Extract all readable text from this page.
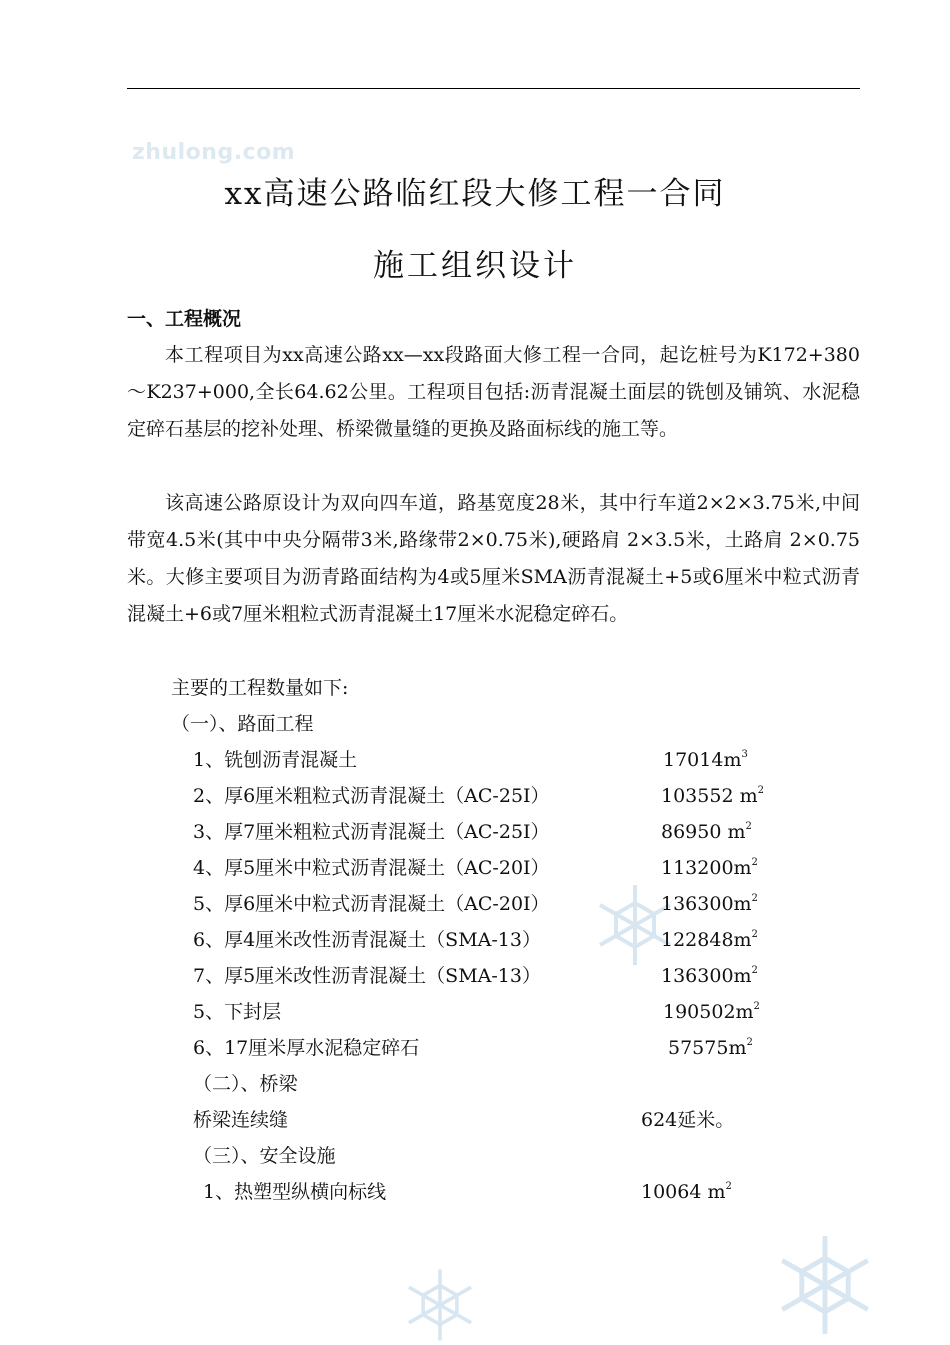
zhulong.com
xx高速公路临红段大修工程一合同
施工组织设计
一、工程概况
本工程项目为xx高速公路xx—xx段路面大修工程一合同，起讫桩号为K172+380～K237+000,全长64.62公里。工程项目包括:沥青混凝土面层的铣刨及铺筑、水泥稳定碎石基层的挖补处理、桥梁微量缝的更换及路面标线的施工等。
该高速公路原设计为双向四车道，路基宽度28米，其中行车道2×2×3.75米,中间带宽4.5米(其中中央分隔带3米,路缘带2×0.75米),硬路肩 2×3.5米，土路肩 2×0.75米。大修主要项目为沥青路面结构为4或5厘米SMA沥青混凝土+5或6厘米中粒式沥青混凝土+6或7厘米粗粒式沥青混凝土17厘米水泥稳定碎石。
主要的工程数量如下:
（一）、路面工程
1、铣刨沥青混凝土	$17014m^3$
2、厚6厘米粗粒式沥青混凝土（AC-25Ⅰ）	103552 $m^2$
3、厚7厘米粗粒式沥青混凝土（AC-25Ⅰ）	86950 $m^2$
4、厚5厘米中粒式沥青混凝土（AC-20Ⅰ）	$113200m^2$
5、厚6厘米中粒式沥青混凝土（AC-20Ⅰ）	$136300m^2$
6、厚4厘米改性沥青混凝土（SMA-13）	$122848m^2$
7、厚5厘米改性沥青混凝土（SMA-13）	$136300m^2$
5、下封层	$190502m^2$
6、17厘米厚水泥稳定碎石	$57575m^2$
（二）、桥梁
桥梁连续缝	624延米。
（三）、安全设施
1、热塑型纵横向标线	10064 $m^2$
